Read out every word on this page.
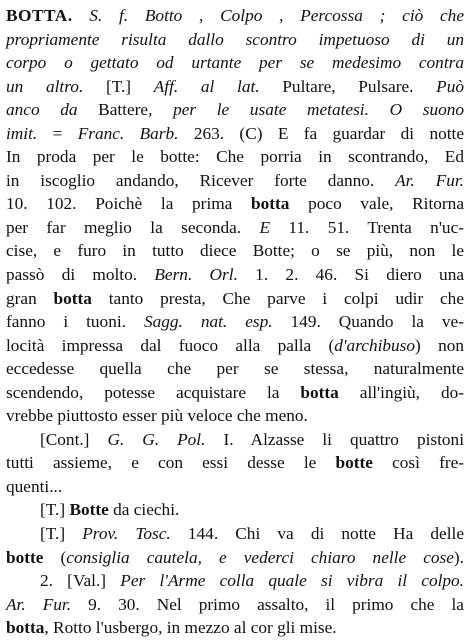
BOTTA. S. f. Botto , Colpo , Percossa ; ciò che
propriamente risulta dallo scontro impetuoso di un
corpo o gettato od urtante per se medesimo contra
un altro. [T.] Aff. al lat. Pultare, Pulsare. Può
anco da Battere, per le usate metatesi. O suono
imit. = Franc. Barb. 263. (C) E fa guardar di notte
In proda per le botte: Che porria in scontrando, Ed
in iscoglio andando, Ricever forte danno. Ar. Fur.
10. 102. Poichè la prima botta poco vale, Ritorna
per far meglio la seconda. E 11. 51. Trenta n'uc-
cise, e furo in tutto diece Botte; o se più, non le
passò di molto. Bern. Orl. 1. 2. 46. Si diero una
gran botta tanto presta, Che parve i colpi udir che
fanno i tuoni. Sagg. nat. esp. 149. Quando la ve-
locità impressa dal fuoco alla palla (d'archibuso) non
eccedesse quella che per se stessa, naturalmente
scendendo, potesse acquistare la botta all'ingiù, do-
vrebbe piuttosto esser più veloce che meno.
[Cont.] G. G. Pol. I. Alzasse li quattro pistoni
tutti assieme, e con essi desse le botte così fre-
quenti...
[T.] Botte da ciechi.
[T.] Prov. Tosc. 144. Chi va di notte Ha delle
botte (consiglia cautela, e vederci chiaro nelle cose).
2. [Val.] Per l'Arme colla quale si vibra il colpo.
Ar. Fur. 9. 30. Nel primo assalto, il primo che la
botta, Rotto l'usbergo, in mezzo al cor gli mise.
